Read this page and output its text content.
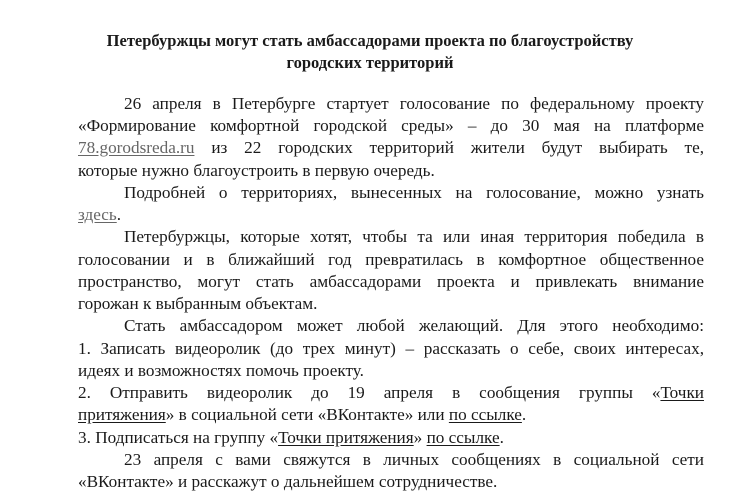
Петербуржцы могут стать амбассадорами проекта по благоустройству
городских территорий
26 апреля в Петербурге стартует голосование по федеральному проекту
«Формирование комфортной городской среды» – до 30 мая на платформе
78.gorodsreda.ru из 22 городских территорий жители будут выбирать те,
которые нужно благоустроить в первую очередь.
Подробней о территориях, вынесенных на голосование, можно узнать
здесь.
Петербуржцы, которые хотят, чтобы та или иная территория победила в
голосовании и в ближайший год превратилась в комфортное общественное
пространство, могут стать амбассадорами проекта и привлекать внимание
горожан к выбранным объектам.
Стать амбассадором может любой желающий. Для этого необходимо:
1. Записать видеоролик (до трех минут) – рассказать о себе, своих интересах,
идеях и возможностях помочь проекту.
2. Отправить видеоролик до 19 апреля в сообщения группы «Точки
притяжения» в социальной сети «ВКонтакте» или по ссылке.
3. Подписаться на группу «Точки притяжения» по ссылке.
23 апреля с вами свяжутся в личных сообщениях в социальной сети
«ВКонтакте» и расскажут о дальнейшем сотрудничестве.
